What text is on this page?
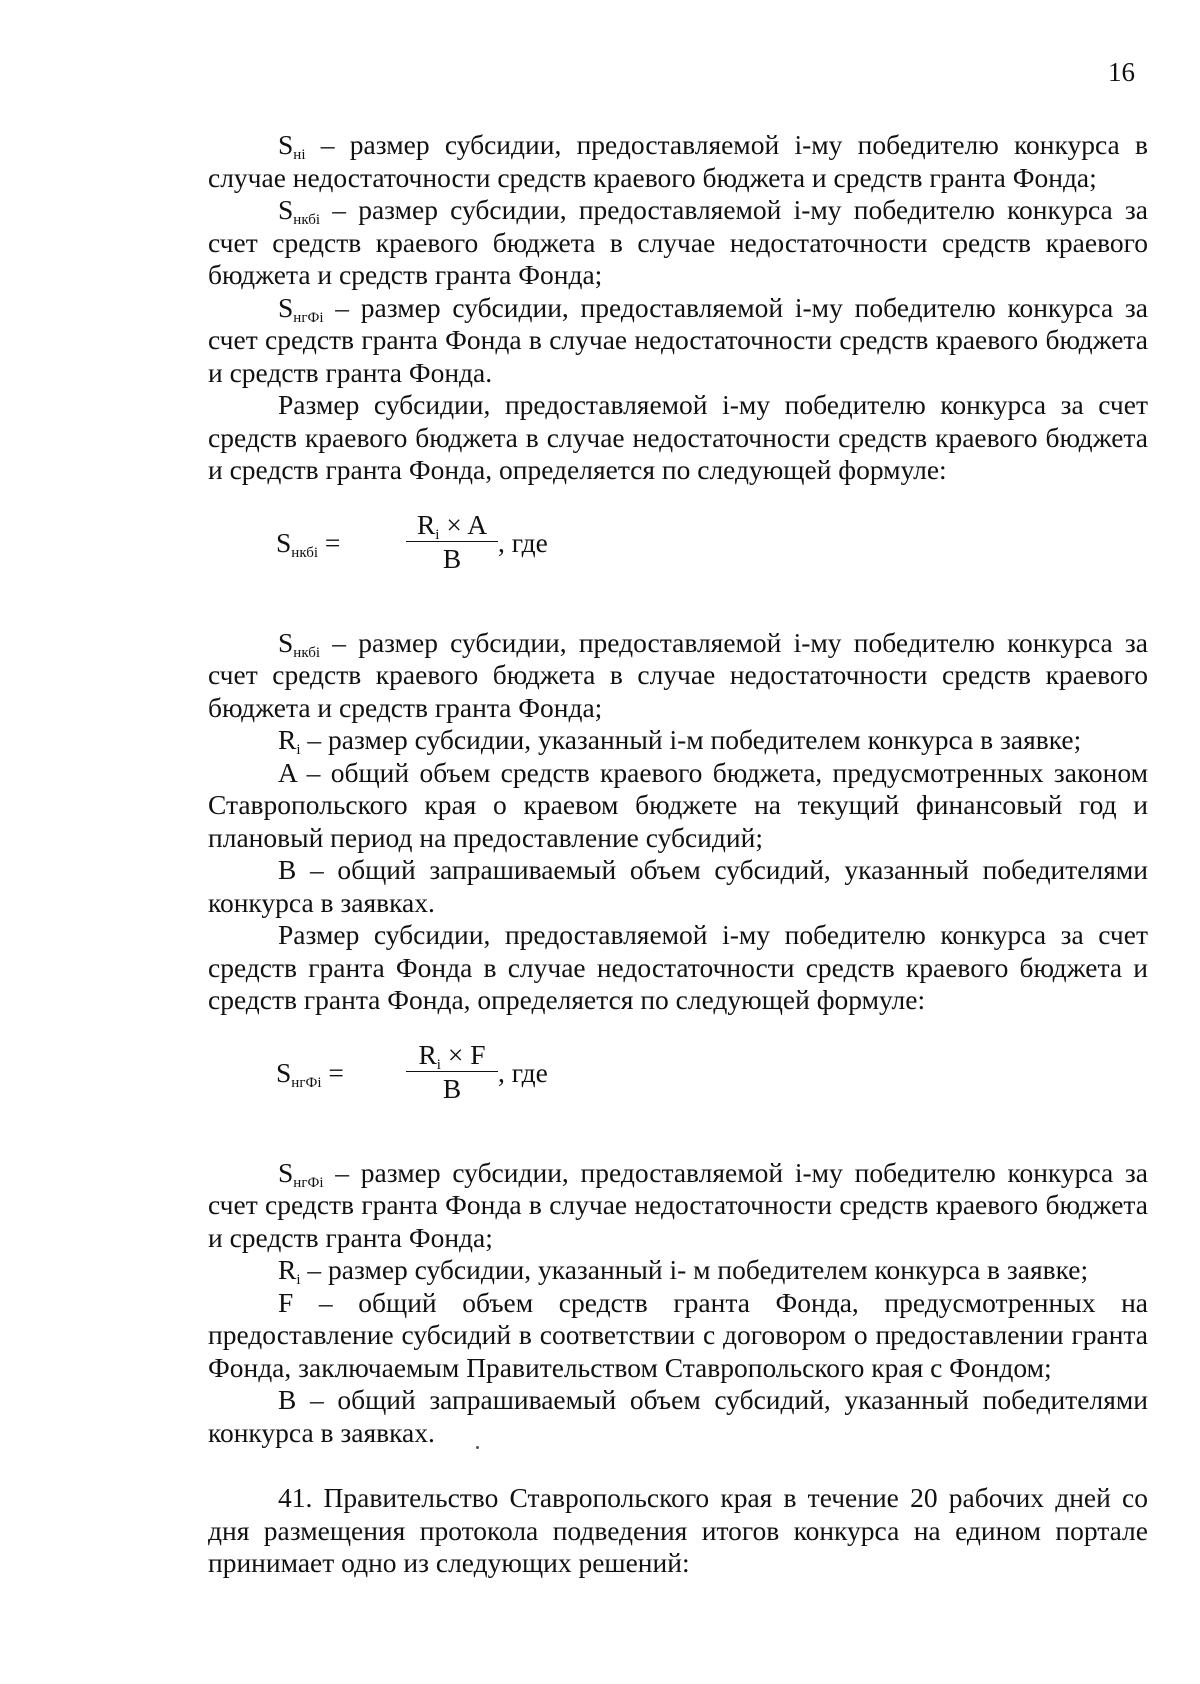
16

$S_{нi}$ – размер субсидии, предоставляемой i-му победителю конкурса в случае недостаточности средств краевого бюджета и средств гранта Фонда;

$S_{нкбi}$ – размер субсидии, предоставляемой i-му победителю конкурса за счет средств краевого бюджета в случае недостаточности средств краевого бюджета и средств гранта Фонда;

$S_{нгФi}$ – размер субсидии, предоставляемой i-му победителю конкурса за счет средств гранта Фонда в случае недостаточности средств краевого бюджета и средств гранта Фонда.

Размер субсидии, предоставляемой i-му победителю конкурса за счет средств краевого бюджета в случае недостаточности средств краевого бюджета и средств гранта Фонда, определяется по следующей формуле:

$S_{нкбi}$ =
$R_i \times A$
B
, где

$S_{нкбi}$ – размер субсидии, предоставляемой i-му победителю конкурса за счет средств краевого бюджета в случае недостаточности средств краевого бюджета и средств гранта Фонда;

$R_i$ – размер субсидии, указанный i-м победителем конкурса в заявке;

A – общий объем средств краевого бюджета, предусмотренных законом Ставропольского края о краевом бюджете на текущий финансовый год и плановый период на предоставление субсидий;

B – общий запрашиваемый объем субсидий, указанный победителями конкурса в заявках.

Размер субсидии, предоставляемой i-му победителю конкурса за счет средств гранта Фонда в случае недостаточности средств краевого бюджета и средств гранта Фонда, определяется по следующей формуле:

$S_{нгФi}$ =
$R_i \times F$
B
, где

$S_{нгФi}$ – размер субсидии, предоставляемой i-му победителю конкурса за счет средств гранта Фонда в случае недостаточности средств краевого бюджета и средств гранта Фонда;

$R_i$ – размер субсидии, указанный i- м победителем конкурса в заявке;

F – общий объем средств гранта Фонда, предусмотренных на предоставление субсидий в соответствии с договором о предоставлении гранта Фонда, заключаемым Правительством Ставропольского края с Фондом;

B – общий запрашиваемый объем субсидий, указанный победителями конкурса в заявках.

41. Правительство Ставропольского края в течение 20 рабочих дней со дня размещения протокола подведения итогов конкурса на едином портале принимает одно из следующих решений:
